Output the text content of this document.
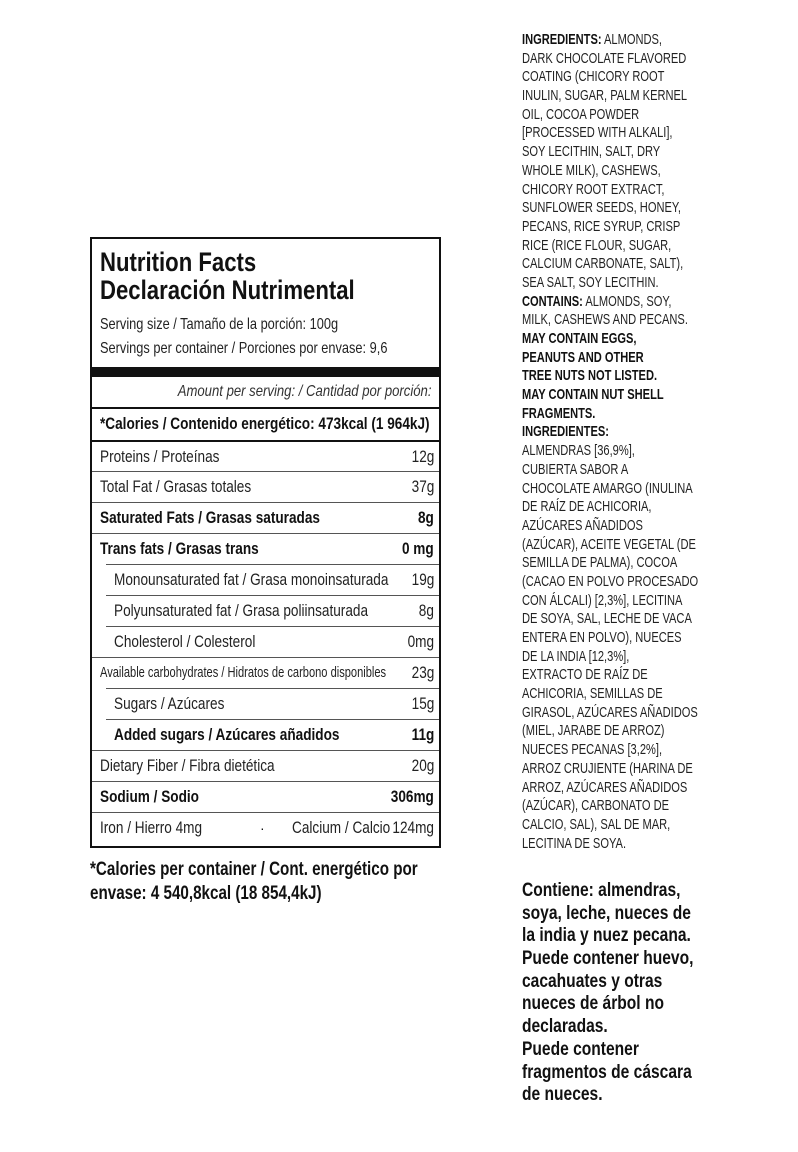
Nutrition Facts
Declaración Nutrimental
Serving size / Tamaño de la porción: 100g
Servings per container / Porciones por envase: 9,6
Amount per serving: / Cantidad por porción:
*Calories / Contenido energético: 473kcal (1 964kJ)
Proteins / Proteínas	12g
Total Fat / Grasas totales	37g
Saturated Fats / Grasas saturadas	8g
Trans fats / Grasas trans	0 mg
Monounsaturated fat / Grasa monoinsaturada 19g
Polyunsaturated fat / Grasa poliinsaturada	8g
Cholesterol / Colesterol	0mg
Available carbohydrates / Hidratos de carbono disponibles 23g
Sugars / Azúcares	15g
Added sugars / Azúcares añadidos	11g
Dietary Fiber / Fibra dietética	20g
Sodium / Sodio	306mg
Iron / Hierro 4mg	· Calcium / Calcio 124mg
*Calories per container / Cont. energético por
envase: 4 540,8kcal (18 854,4kJ)
INGREDIENTS: ALMONDS,
DARK CHOCOLATE FLAVORED
COATING (CHICORY ROOT
INULIN, SUGAR, PALM KERNEL
OIL, COCOA POWDER
[PROCESSED WITH ALKALI],
SOY LECITHIN, SALT, DRY
WHOLE MILK), CASHEWS,
CHICORY ROOT EXTRACT,
SUNFLOWER SEEDS, HONEY,
PECANS, RICE SYRUP, CRISP
RICE (RICE FLOUR, SUGAR,
CALCIUM CARBONATE, SALT),
SEA SALT, SOY LECITHIN.
CONTAINS: ALMONDS, SOY,
MILK, CASHEWS AND PECANS.
MAY CONTAIN EGGS,
PEANUTS AND OTHER
TREE NUTS NOT LISTED.
MAY CONTAIN NUT SHELL
FRAGMENTS.
INGREDIENTES:
ALMENDRAS [36,9%],
CUBIERTA SABOR A
CHOCOLATE AMARGO (INULINA
DE RAÍZ DE ACHICORIA,
AZÚCARES AÑADIDOS
(AZÚCAR), ACEITE VEGETAL (DE
SEMILLA DE PALMA), COCOA
(CACAO EN POLVO PROCESADO
CON ÁLCALI) [2,3%], LECITINA
DE SOYA, SAL, LECHE DE VACA
ENTERA EN POLVO), NUECES
DE LA INDIA [12,3%],
EXTRACTO DE RAÍZ DE
ACHICORIA, SEMILLAS DE
GIRASOL, AZÚCARES AÑADIDOS
(MIEL, JARABE DE ARROZ)
NUECES PECANAS [3,2%],
ARROZ CRUJIENTE (HARINA DE
ARROZ, AZÚCARES AÑADIDOS
(AZÚCAR), CARBONATO DE
CALCIO, SAL), SAL DE MAR,
LECITINA DE SOYA.
Contiene: almendras,
soya, leche, nueces de
la india y nuez pecana.
Puede contener huevo,
cacahuates y otras
nueces de árbol no
declaradas.
Puede contener
fragmentos de cáscara
de nueces.
